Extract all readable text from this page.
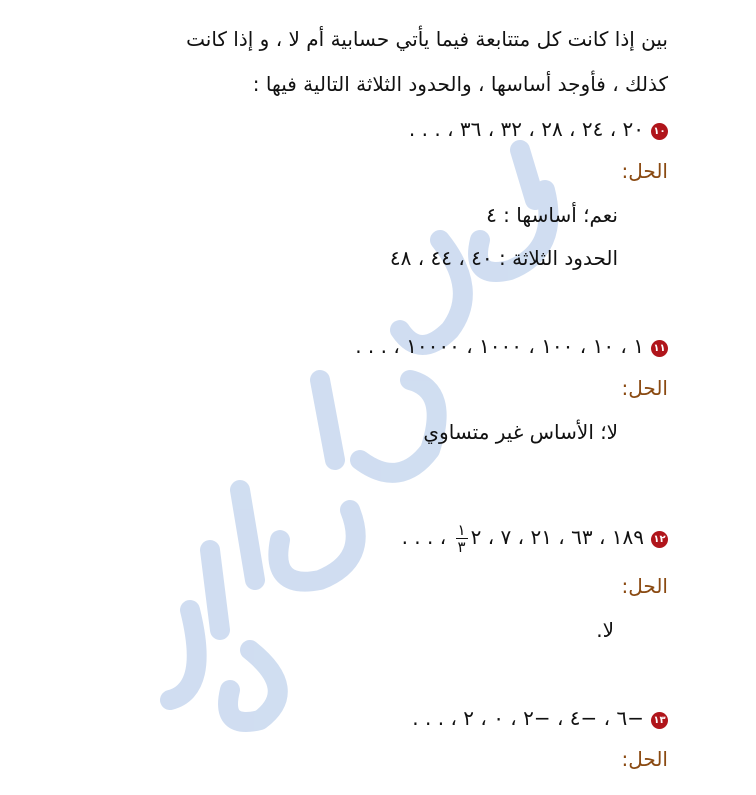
أحمد صالح الديني
بين إذا كانت كل متتابعة فيما يأتي حسابية أم لا ، و إذا كانت
كذلك ، فأوجد أساسها ، والحدود الثلاثة التالية فيها :
١٠٢٠ ، ٢٤ ، ٢٨ ، ٣٢ ، ٣٦ ، . . .
الحل:
نعم؛ أساسها : ٤
الحدود الثلاثة : ٤٠ ، ٤٤ ، ٤٨
١١١ ، ١٠ ، ١٠٠ ، ١٠٠٠ ، ١٠٠٠٠ ، . . .
الحل:
لا؛ الأساس غير متساوي
١٢١٨٩ ، ٦٣ ، ٢١ ، ٧ ، ٢
$\frac{١}{٣}$
، . . .
الحل:
لا.
١٣−٦ ، −٤ ، −٢ ، ٠ ، ٢ ، . . .
الحل:
